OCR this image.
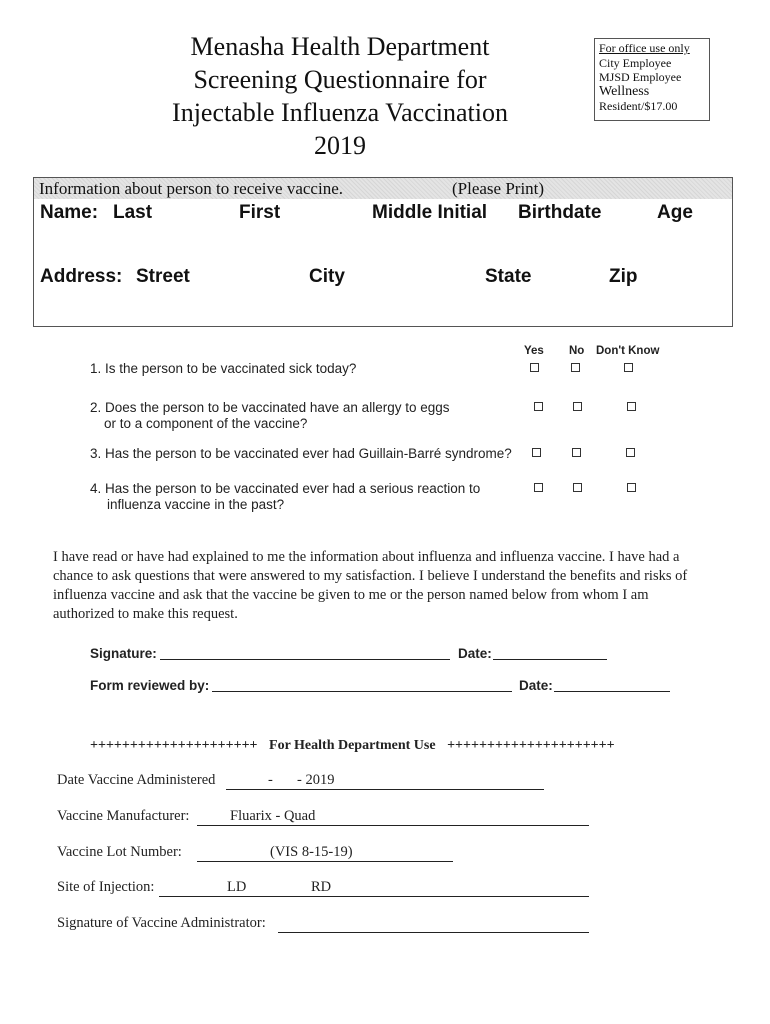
Menasha Health Department
Screening Questionnaire for
Injectable Influenza Vaccination
2019
For office use only
City Employee
MJSD Employee
Wellness
Resident/$17.00
Information about person to receive vaccine.	(Please Print)
Name: Last	First	Middle Initial Birthdate	Age
Address: Street	City	State	Zip
Yes No Don't Know
1. Is the person to be vaccinated sick today?
2. Does the person to be vaccinated have an allergy to eggs
or to a component of the vaccine?
3. Has the person to be vaccinated ever had Guillain-Barré syndrome?
4. Has the person to be vaccinated ever had a serious reaction to
influenza vaccine in the past?
I have read or have had explained to me the information about influenza and influenza vaccine. I have had a chance to ask questions that were answered to my satisfaction. I believe I understand the benefits and risks of influenza vaccine and ask that the vaccine be given to me or the person named below from whom I am authorized to make this request.
Signature:	Date:
Form reviewed by:	Date:
+++++++++++++++++++++ For Health Department Use +++++++++++++++++++++
Date Vaccine Administered	- - 2019
Vaccine Manufacturer:	Fluarix - Quad
Vaccine Lot Number:	(VIS 8-15-19)
Site of Injection:	LD	RD
Signature of Vaccine Administrator:
